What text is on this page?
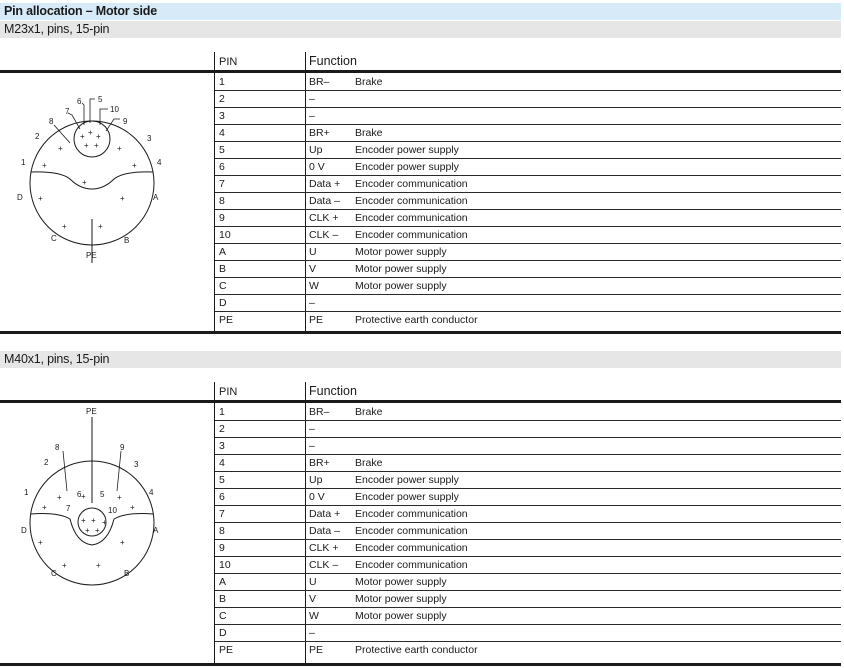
Pin allocation – Motor side
M23x1, pins, 15-pin
PIN	Function
+ + +
+ +
+	+
+	+
+
+
+
+	+
6 5
7	10
8	9
2	3
1	4
D	A
C	B
PE
1	BR– Brake
2	–
3	–
4	BR+ Brake
5	Up	Encoder power supply
6	0 V	Encoder power supply
7	Data + Encoder communication
8	Data – Encoder communication
9	CLK + Encoder communication
10	CLK – Encoder communication
A	U	Motor power supply
B	V	Motor power supply
C	W	Motor power supply
D	–
PE	PE	Protective earth conductor
M40x1, pins, 15-pin
PIN	Function
+ +
+ +
+
+
+	+
+	+
+	+
+	+
PE
8	9
2	3
1	4
6 5
7	10
D	A
C	B
1	BR– Brake
2	–
3	–
4	BR+ Brake
5	Up	Encoder power supply
6	0 V	Encoder power supply
7	Data + Encoder communication
8	Data – Encoder communication
9	CLK + Encoder communication
10	CLK – Encoder communication
A	U	Motor power supply
B	V	Motor power supply
C	W	Motor power supply
D	–
PE	PE	Protective earth conductor
